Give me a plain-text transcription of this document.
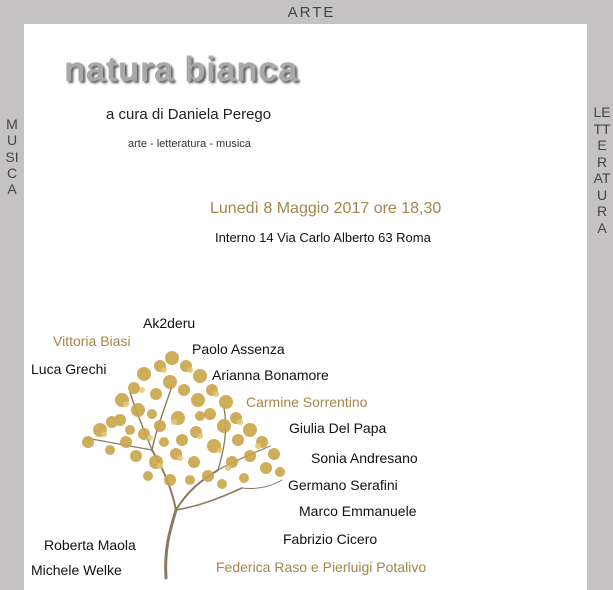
ARTE
MUSICA
LETTERATURA
natura bianca
a cura di Daniela Perego
arte - letteratura - musica
Lunedì 8 Maggio 2017 ore 18,30
Interno 14 Via Carlo Alberto 63 Roma
Ak2deru
Vittoria Biasi	Paolo Assenza
Luca Grechi	Arianna Bonamore
Carmine Sorrentino
Giulia Del Papa
Sonia Andresano
Germano Serafini
Marco Emmanuele
Fabrizio Cicero
Roberta Maola
Federica Raso e Pierluigi Potalivo
Michele Welke
